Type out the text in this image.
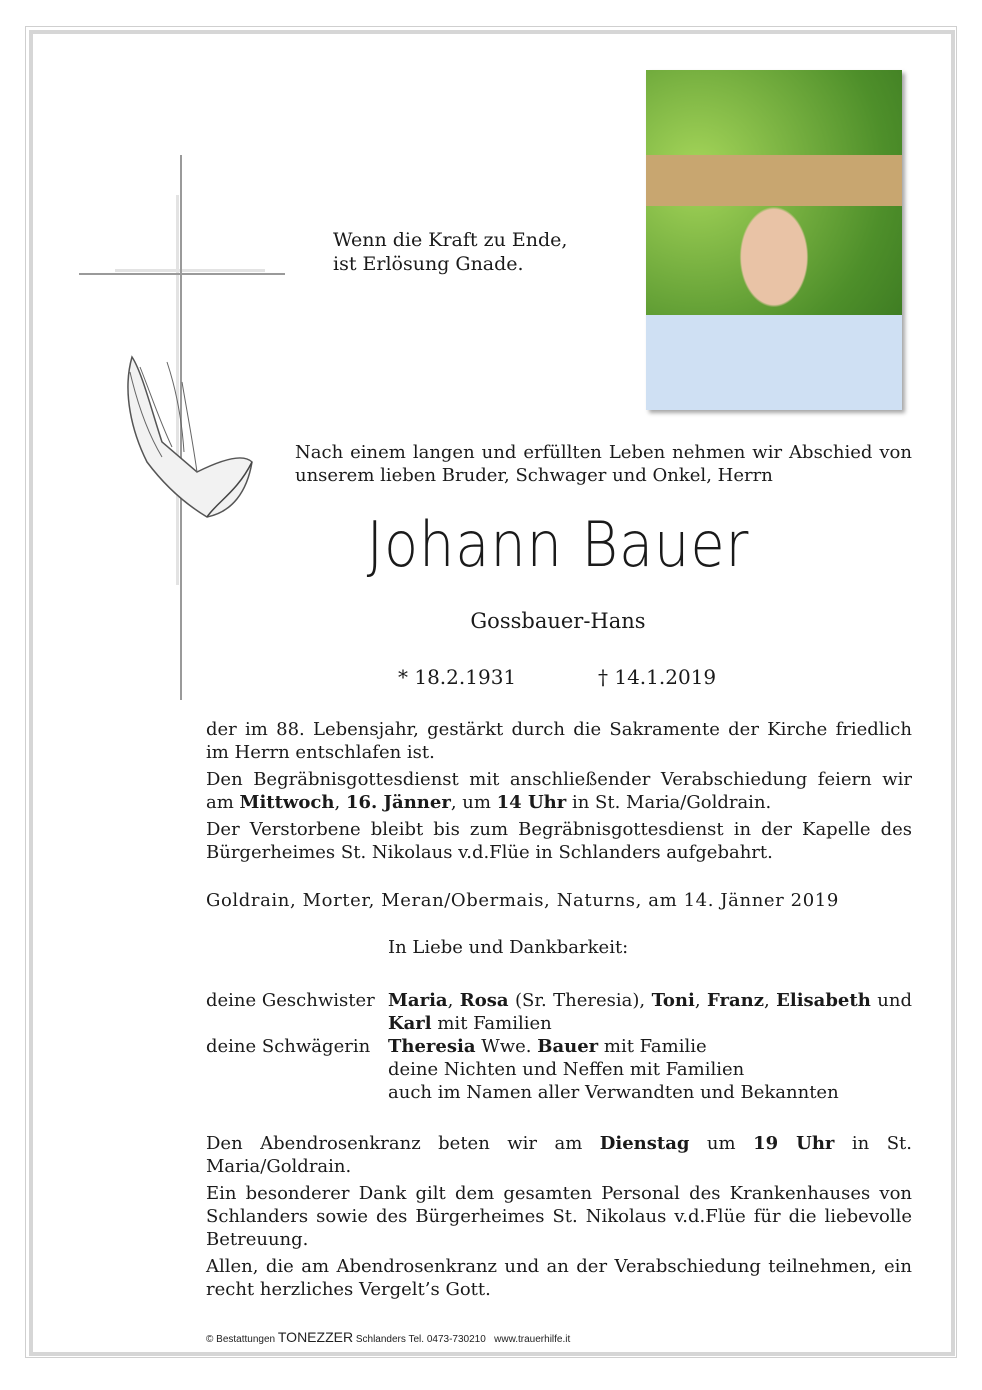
Wenn die Kraft zu Ende,
ist Erlösung Gnade.
Nach einem langen und erfüllten Leben nehmen wir Abschied von unserem lieben Bruder, Schwager und Onkel, Herrn
Johann Bauer
Gossbauer-Hans
* 18.2.1931	† 14.1.2019

der im 88. Lebensjahr, gestärkt durch die Sakramente der Kirche friedlich im Herrn entschlafen ist.

Den Begräbnisgottesdienst mit anschließender Verabschiedung feiern wir am Mittwoch, 16. Jänner, um 14 Uhr in St. Maria/Goldrain.

Der Verstorbene bleibt bis zum Begräbnisgottesdienst in der Kapelle des Bürgerheimes St. Nikolaus v.d.Flüe in Schlanders aufgebahrt.

Goldrain, Morter, Meran/Obermais, Naturns, am 14. Jänner 2019
In Liebe und Dankbarkeit:
deine Geschwister Maria, Rosa (Sr. Theresia), Toni, Franz, Elisabeth und Karl mit Familien
deine Schwägerin Theresia Wwe. Bauer mit Familie
deine Nichten und Neffen mit Familien
auch im Namen aller Verwandten und Bekannten

Den Abendrosenkranz beten wir am Dienstag um 19 Uhr in St. Maria/Goldrain.

Ein besonderer Dank gilt dem gesamten Personal des Krankenhauses von Schlanders sowie des Bürgerheimes St. Nikolaus v.d.Flüe für die liebevolle Betreuung.

Allen, die am Abendrosenkranz und an der Verabschiedung teilnehmen, ein recht herzliches Vergelt’s Gott.

© Bestattungen TONEZZER Schlanders Tel. 0473-730210 www.trauerhilfe.it
